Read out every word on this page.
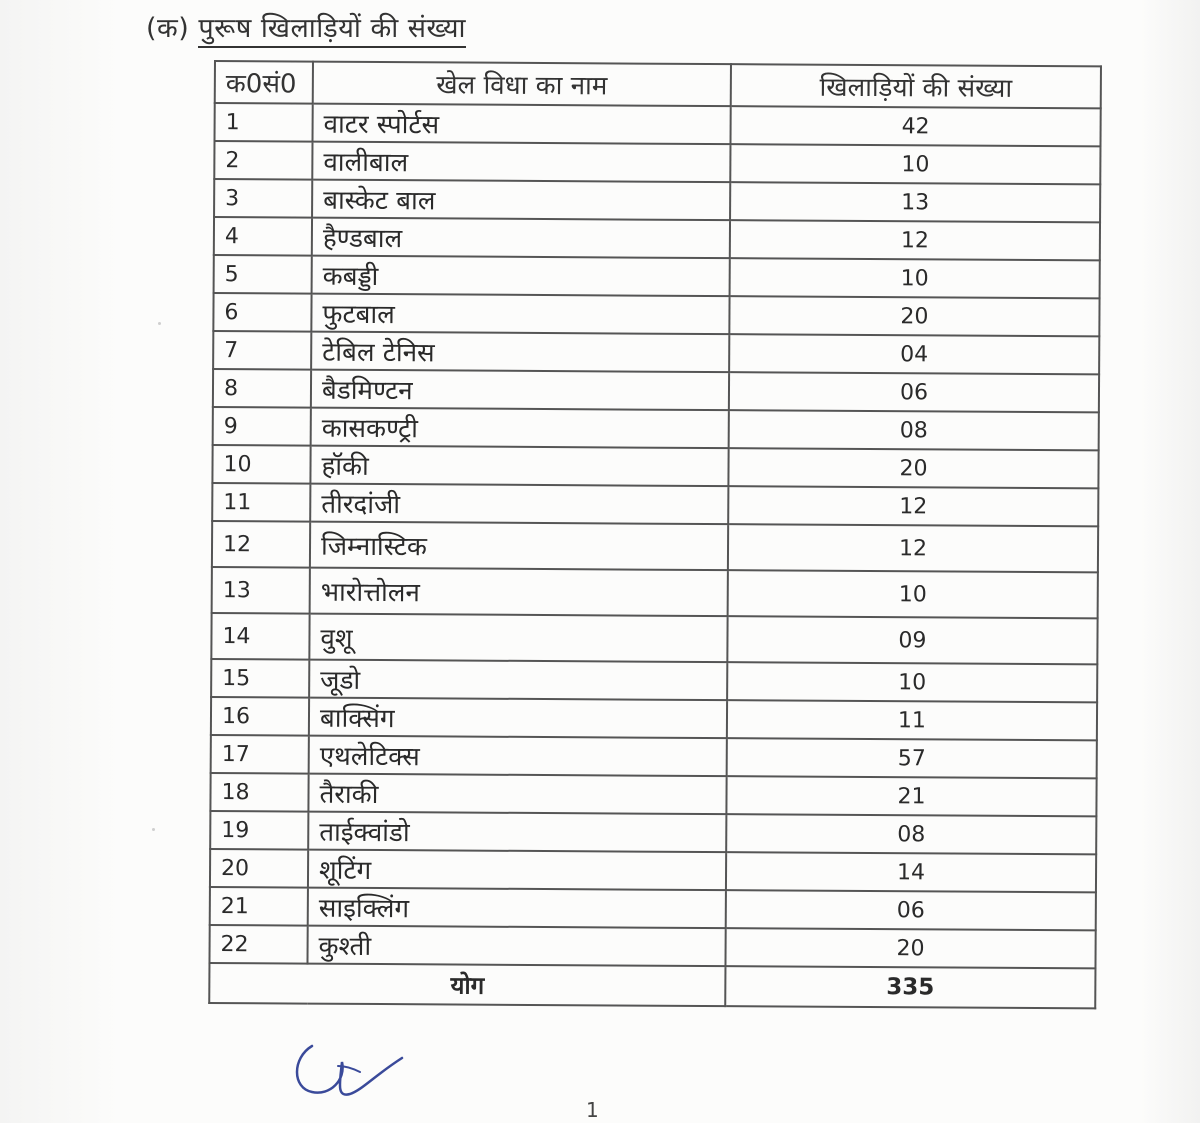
(क) पुरूष खिलाड़ियों की संख्या
क0सं0	खेल विधा का नाम	खिलाड़ियों की संख्या
1	वाटर स्पोर्टस	42
2	वालीबाल	10
3	बास्केट बाल	13
4	हैण्डबाल	12
5	कबड्डी	10
6	फुटबाल	20
7	टेबिल टेनिस	04
8	बैडमिण्टन	06
9	कासकण्ट्री	08
10	हॉकी	20
11	तीरदांजी	12
12	जिम्नास्टिक	12
13	भारोत्तोलन	10
14	वुशू	09
15	जूडो	10
16	बाक्सिंग	11
17	एथलेटिक्स	57
18	तैराकी	21
19	ताईक्वांडो	08
20	शूटिंग	14
21	साइक्लिंग	06
22	कुश्ती	20
योग		335
1
